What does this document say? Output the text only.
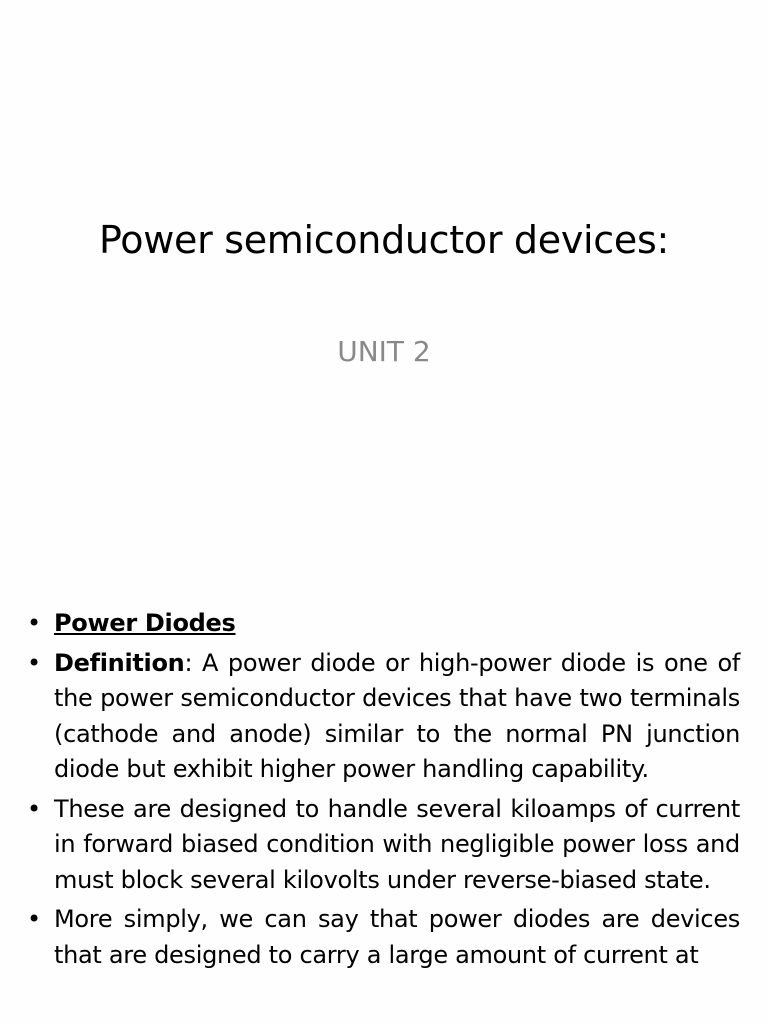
Power semiconductor devices:

UNIT 2

• Power Diodes
• Definition: A power diode or high-power diode is one of the power semiconductor devices that have two terminals (cathode and anode) similar to the normal PN junction diode but exhibit higher power handling capability.
• These are designed to handle several kiloamps of current in forward biased condition with negligible power loss and must block several kilovolts under reverse-biased state.
• More simply, we can say that power diodes are devices that are designed to carry a large amount of current at
